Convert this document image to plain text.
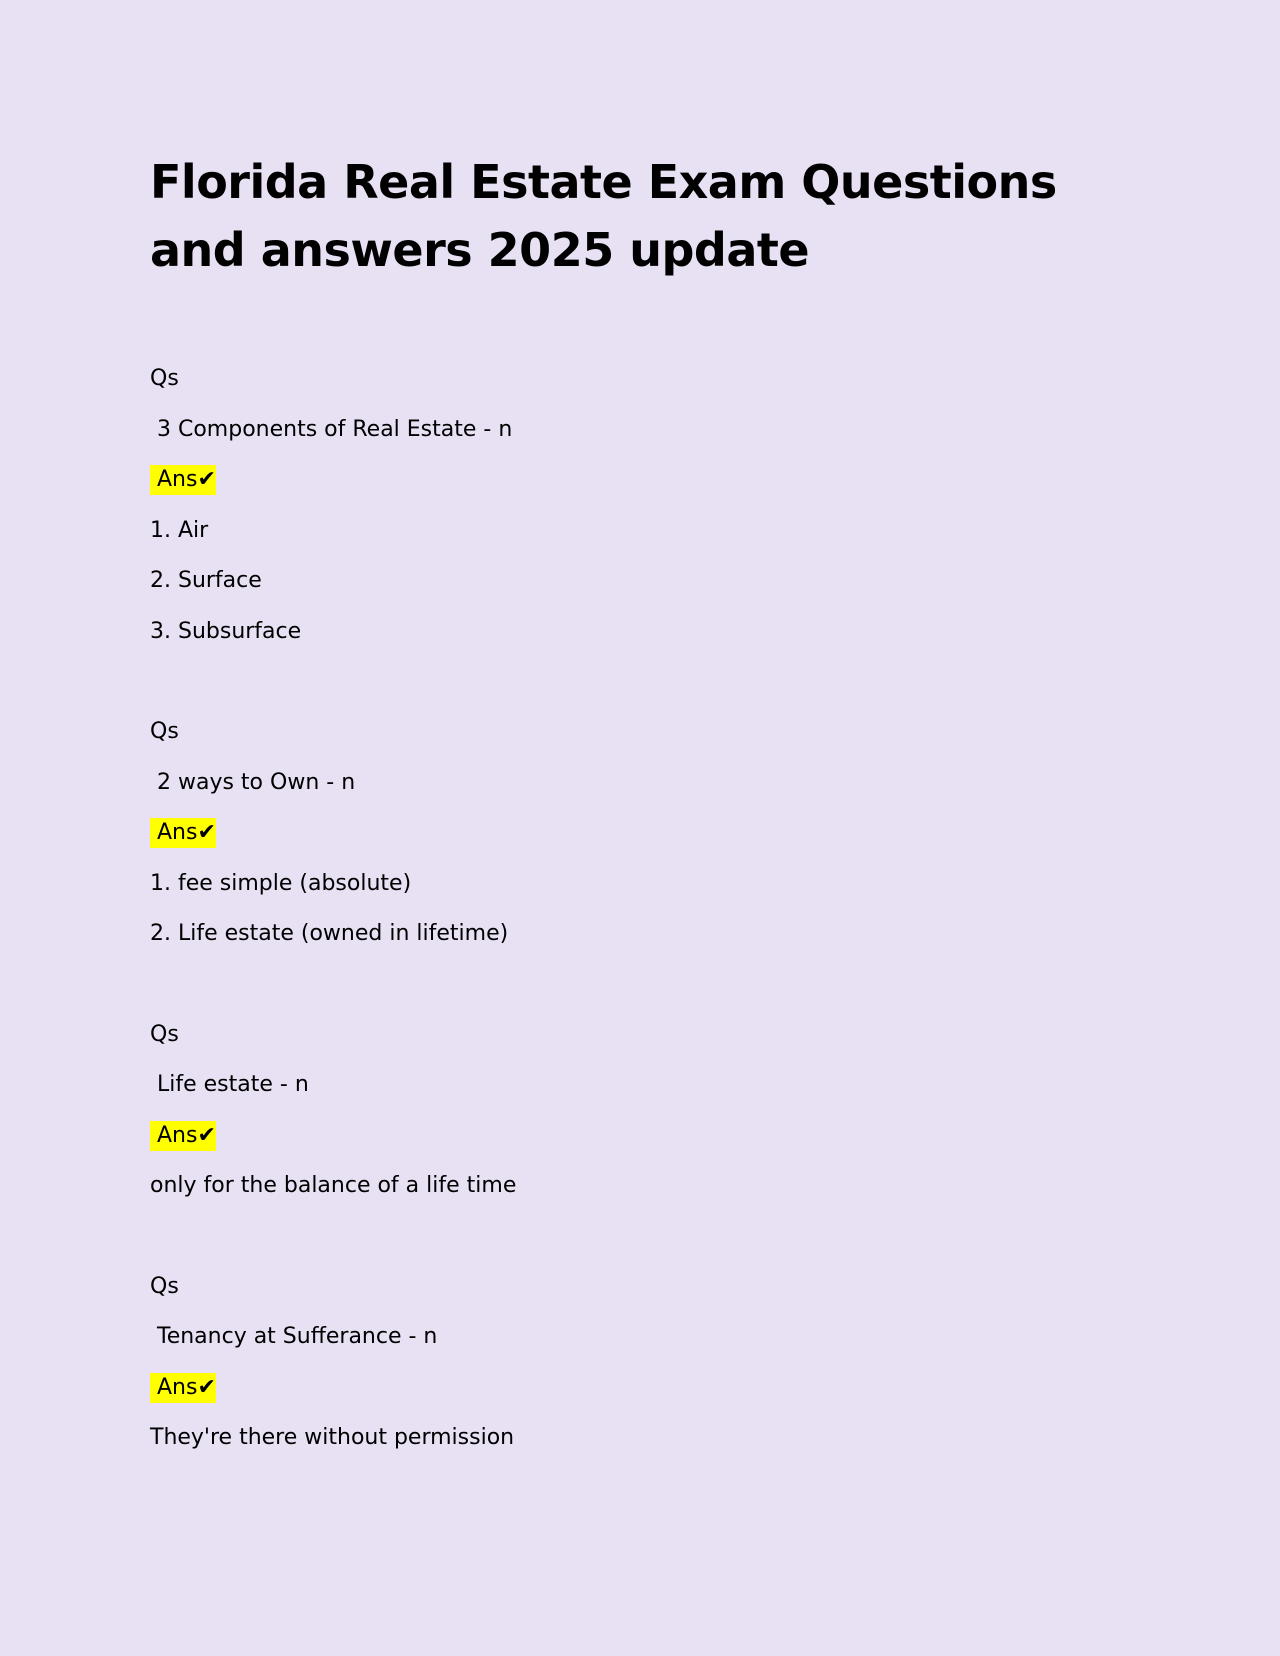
Florida Real Estate Exam Questions and answers 2025 update
Qs
3 Components of Real Estate - n
Ans✔
1. Air
2. Surface
3. Subsurface
Qs
2 ways to Own - n
Ans✔
1. fee simple (absolute)
2. Life estate (owned in lifetime)
Qs
Life estate - n
Ans✔
only for the balance of a life time
Qs
Tenancy at Sufferance - n
Ans✔
They're there without permission
